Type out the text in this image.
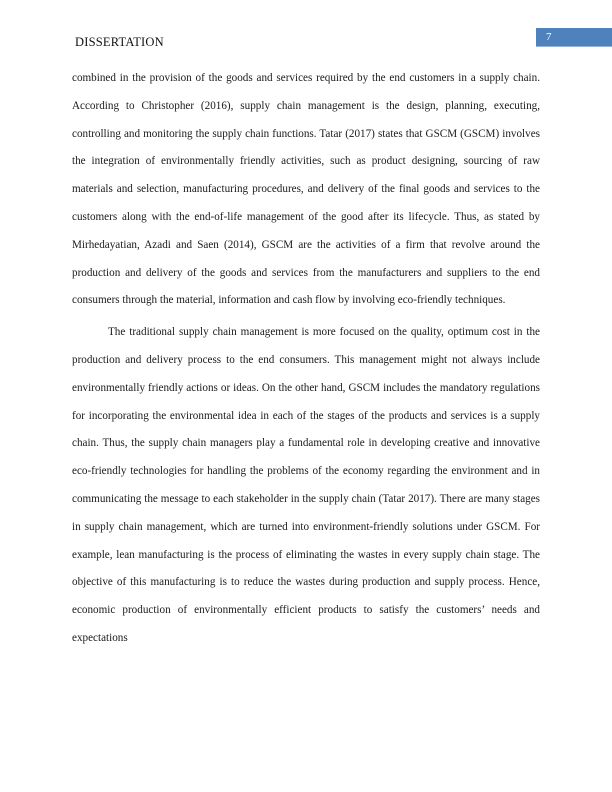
DISSERTATION	7

combined in the provision of the goods and services required by the end customers in a supply chain. According to Christopher (2016), supply chain management is the design, planning, executing, controlling and monitoring the supply chain functions. Tatar (2017) states that GSCM (GSCM) involves the integration of environmentally friendly activities, such as product designing, sourcing of raw materials and selection, manufacturing procedures, and delivery of the final goods and services to the customers along with the end-of-life management of the good after its lifecycle. Thus, as stated by Mirhedayatian, Azadi and Saen (2014), GSCM are the activities of a firm that revolve around the production and delivery of the goods and services from the manufacturers and suppliers to the end consumers through the material, information and cash flow by involving eco-friendly techniques.

The traditional supply chain management is more focused on the quality, optimum cost in the production and delivery process to the end consumers. This management might not always include environmentally friendly actions or ideas. On the other hand, GSCM includes the mandatory regulations for incorporating the environmental idea in each of the stages of the products and services is a supply chain. Thus, the supply chain managers play a fundamental role in developing creative and innovative eco-friendly technologies for handling the problems of the economy regarding the environment and in communicating the message to each stakeholder in the supply chain (Tatar 2017). There are many stages in supply chain management, which are turned into environment-friendly solutions under GSCM. For example, lean manufacturing is the process of eliminating the wastes in every supply chain stage. The objective of this manufacturing is to reduce the wastes during production and supply process. Hence, economic production of environmentally efficient products to satisfy the customers’ needs and expectations
